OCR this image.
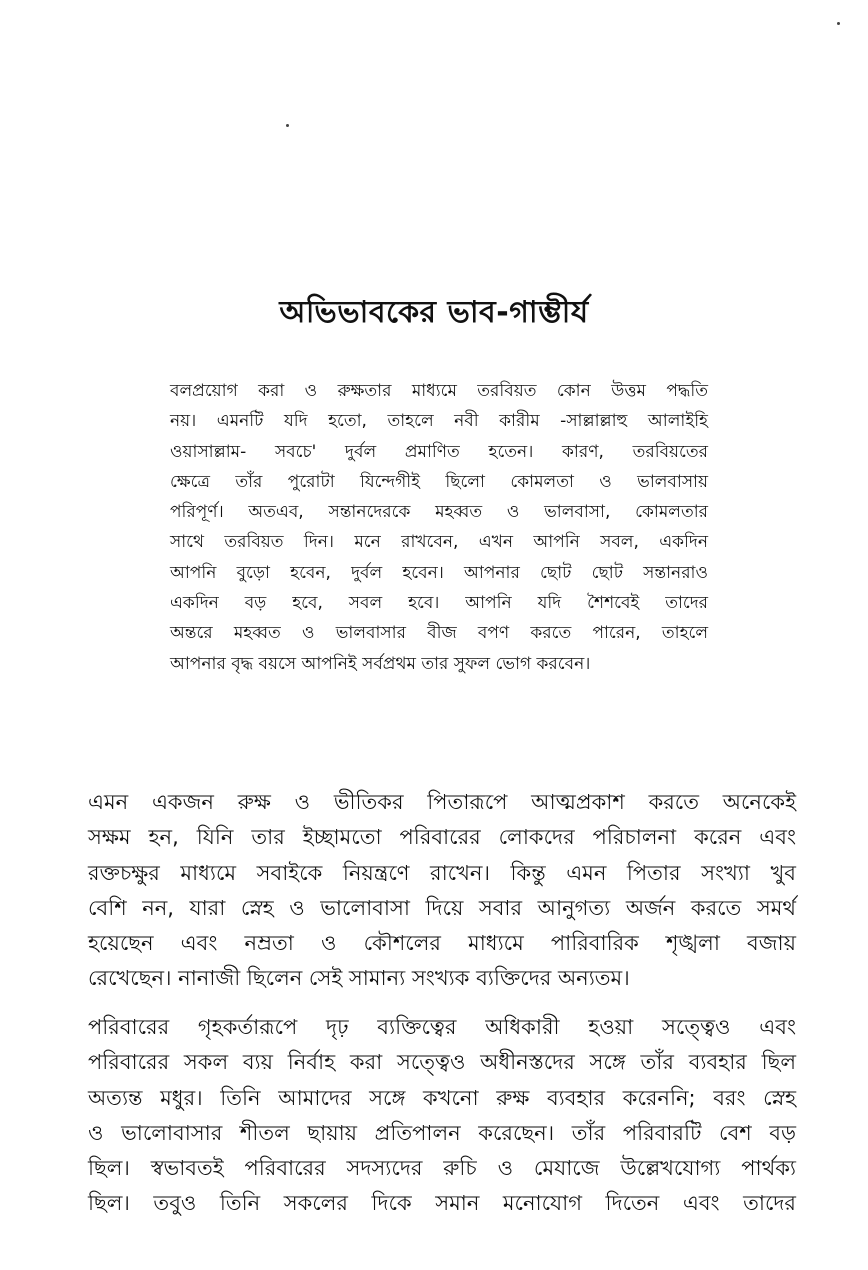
অভিভাবকের ভাব-গাম্ভীর্য
বলপ্রয়োগ করা ও রুক্ষতার মাধ্যমে তরবিয়ত কোন উত্তম পদ্ধতি
নয়। এমনটি যদি হতো, তাহলে নবী কারীম -সাল্লাল্লাহু আলাইহি
ওয়াসাল্লাম- সবচে' দুর্বল প্রমাণিত হতেন। কারণ, তরবিয়তের
ক্ষেত্রে তাঁর পুরোটা যিন্দেগীই ছিলো কোমলতা ও ভালবাসায়
পরিপূর্ণ। অতএব, সন্তানদেরকে মহব্বত ও ভালবাসা, কোমলতার
সাথে তরবিয়ত দিন। মনে রাখবেন, এখন আপনি সবল, একদিন
আপনি বুড়ো হবেন, দুর্বল হবেন। আপনার ছোট ছোট সন্তানরাও
একদিন বড় হবে, সবল হবে। আপনি যদি শৈশবেই তাদের
অন্তরে মহব্বত ও ভালবাসার বীজ বপণ করতে পারেন, তাহলে
আপনার বৃদ্ধ বয়সে আপনিই সর্বপ্রথম তার সুফল ভোগ করবেন।
এমন একজন রুক্ষ ও ভীতিকর পিতারূপে আত্মপ্রকাশ করতে অনেকেই
সক্ষম হন, যিনি তার ইচ্ছামতো পরিবারের লোকদের পরিচালনা করেন এবং
রক্তচক্ষুর মাধ্যমে সবাইকে নিয়ন্ত্রণে রাখেন। কিন্তু এমন পিতার সংখ্যা খুব
বেশি নন, যারা স্নেহ ও ভালোবাসা দিয়ে সবার আনুগত্য অর্জন করতে সমর্থ
হয়েছেন এবং নম্রতা ও কৌশলের মাধ্যমে পারিবারিক শৃঙ্খলা বজায়
রেখেছেন। নানাজী ছিলেন সেই সামান্য সংখ্যক ব্যক্তিদের অন্যতম।
পরিবারের গৃহকর্তারূপে দৃঢ় ব্যক্তিত্বের অধিকারী হওয়া সত্ত্বেও এবং
পরিবারের সকল ব্যয় নির্বাহ করা সত্ত্বেও অধীনস্তদের সঙ্গে তাঁর ব্যবহার ছিল
অত্যন্ত মধুর। তিনি আমাদের সঙ্গে কখনো রুক্ষ ব্যবহার করেননি; বরং স্নেহ
ও ভালোবাসার শীতল ছায়ায় প্রতিপালন করেছেন। তাঁর পরিবারটি বেশ বড়
ছিল। স্বভাবতই পরিবারের সদস্যদের রুচি ও মেযাজে উল্লেখযোগ্য পার্থক্য
ছিল। তবুও তিনি সকলের দিকে সমান মনোযোগ দিতেন এবং তাদের
